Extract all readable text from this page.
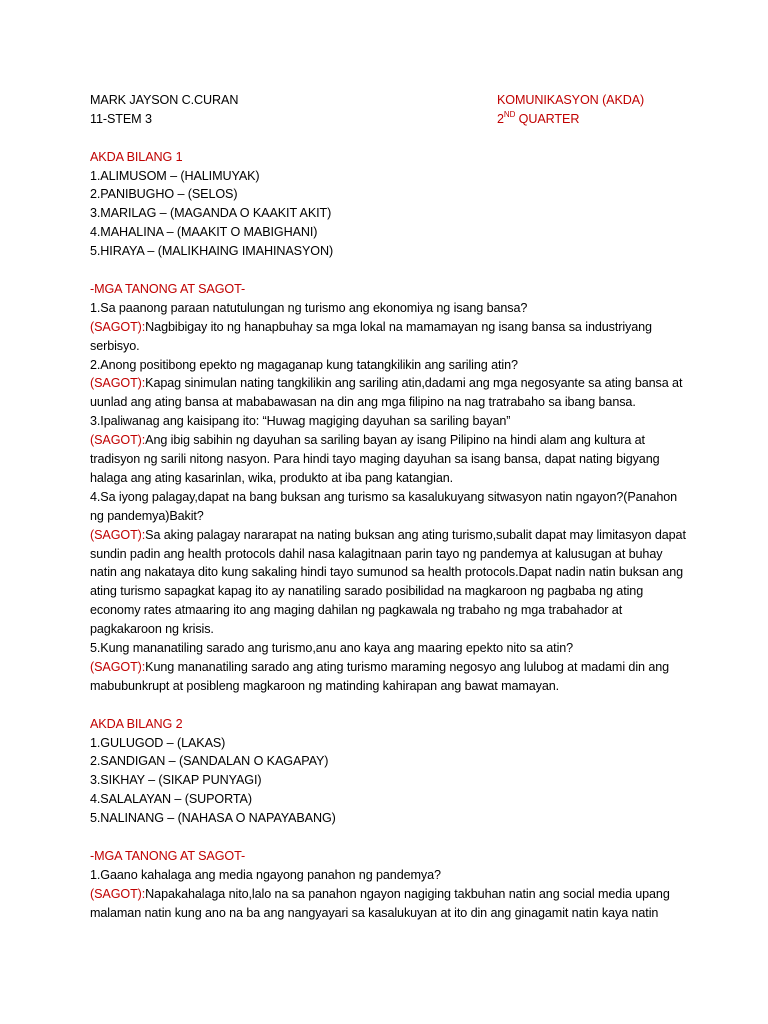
MARK JAYSON C.CURAN	KOMUNIKASYON (AKDA)
11-STEM 3	2ND QUARTER
AKDA BILANG 1
1.ALIMUSOM – (HALIMUYAK)
2.PANIBUGHO – (SELOS)
3.MARILAG – (MAGANDA O KAAKIT AKIT)
4.MAHALINA – (MAAKIT O MABIGHANI)
5.HIRAYA – (MALIKHAING IMAHINASYON)
-MGA TANONG AT SAGOT-
1.Sa paanong paraan natutulungan ng turismo ang ekonomiya ng isang bansa?
(SAGOT):Nagbibigay ito ng hanapbuhay sa mga lokal na mamamayan ng isang bansa sa industriyang serbisyo.
2.Anong positibong epekto ng magaganap kung tatangkilikin ang sariling atin?
(SAGOT):Kapag sinimulan nating tangkilikin ang sariling atin,dadami ang mga negosyante sa ating bansa at uunlad ang ating bansa at mababawasan na din ang mga filipino na nag tratrabaho sa ibang bansa.
3.Ipaliwanag ang kaisipang ito: “Huwag magiging dayuhan sa sariling bayan”
(SAGOT):Ang ibig sabihin ng dayuhan sa sariling bayan ay isang Pilipino na hindi alam ang kultura at tradisyon ng sarili nitong nasyon. Para hindi tayo maging dayuhan sa isang bansa, dapat nating bigyang halaga ang ating kasarinlan, wika, produkto at iba pang katangian.
4.Sa iyong palagay,dapat na bang buksan ang turismo sa kasalukuyang sitwasyon natin ngayon?(Panahon ng pandemya)Bakit?
(SAGOT):Sa aking palagay nararapat na nating buksan ang ating turismo,subalit dapat may limitasyon dapat sundin padin ang health protocols dahil nasa kalagitnaan parin tayo ng pandemya at kalusugan at buhay natin ang nakataya dito kung sakaling hindi tayo sumunod sa health protocols.Dapat nadin natin buksan ang ating turismo sapagkat kapag ito ay nanatiling sarado posibilidad na magkaroon ng pagbaba ng ating economy rates atmaaring ito ang maging dahilan ng pagkawala ng trabaho ng mga trabahador at pagkakaroon ng krisis.
5.Kung mananatiling sarado ang turismo,anu ano kaya ang maaring epekto nito sa atin?
(SAGOT):Kung mananatiling sarado ang ating turismo maraming negosyo ang lulubog at madami din ang mabubunkrupt at posibleng magkaroon ng matinding kahirapan ang bawat mamayan.
AKDA BILANG 2
1.GULUGOD – (LAKAS)
2.SANDIGAN – (SANDALAN O KAGAPAY)
3.SIKHAY – (SIKAP PUNYAGI)
4.SALALAYAN – (SUPORTA)
5.NALINANG – (NAHASA O NAPAYABANG)
-MGA TANONG AT SAGOT-
1.Gaano kahalaga ang media ngayong panahon ng pandemya?
(SAGOT):Napakahalaga nito,lalo na sa panahon ngayon nagiging takbuhan natin ang social media upang malaman natin kung ano na ba ang nangyayari sa kasalukuyan at ito din ang ginagamit natin kaya natin
